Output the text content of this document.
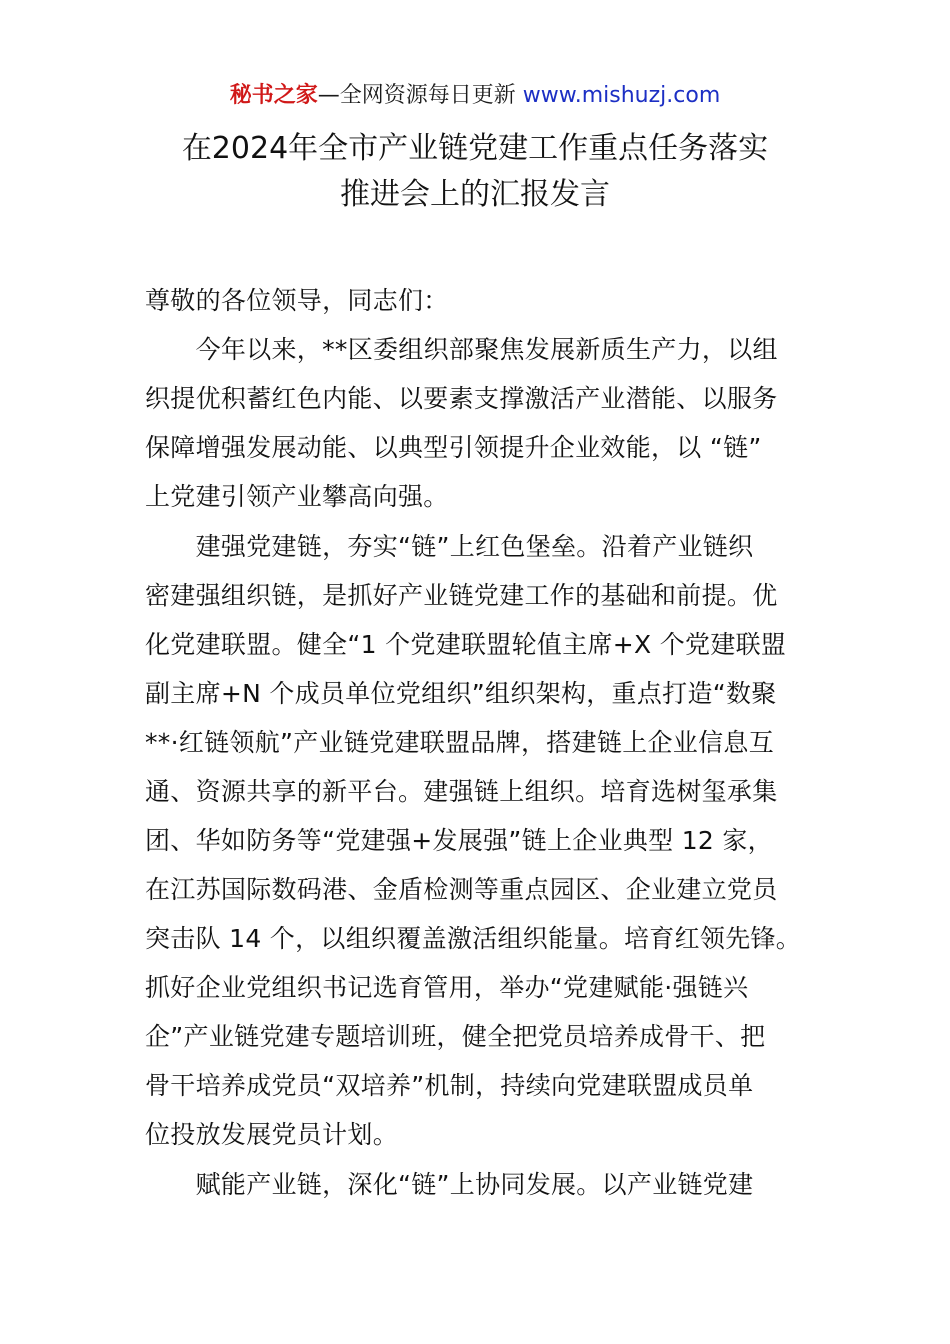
秘书之家—全网资源每日更新 www.mishuzj.com
在2024年全市产业链党建工作重点任务落实
推进会上的汇报发言
尊敬的各位领导，同志们：
　　今年以来，**区委组织部聚焦发展新质生产力，以组
织提优积蓄红色内能、以要素支撑激活产业潜能、以服务
保障增强发展动能、以典型引领提升企业效能，以 “链”
上党建引领产业攀高向强。
　　建强党建链，夯实“链”上红色堡垒。沿着产业链织
密建强组织链，是抓好产业链党建工作的基础和前提。优
化党建联盟。健全“1 个党建联盟轮值主席+X 个党建联盟
副主席+N 个成员单位党组织”组织架构，重点打造“数聚
**·红链领航”产业链党建联盟品牌，搭建链上企业信息互
通、资源共享的新平台。建强链上组织。培育选树玺承集
团、华如防务等“党建强+发展强”链上企业典型 12 家，
在江苏国际数码港、金盾检测等重点园区、企业建立党员
突击队 14 个，以组织覆盖激活组织能量。培育红领先锋。
抓好企业党组织书记选育管用，举办“党建赋能·强链兴
企”产业链党建专题培训班，健全把党员培养成骨干、把
骨干培养成党员“双培养”机制，持续向党建联盟成员单
位投放发展党员计划。
　　赋能产业链，深化“链”上协同发展。以产业链党建
